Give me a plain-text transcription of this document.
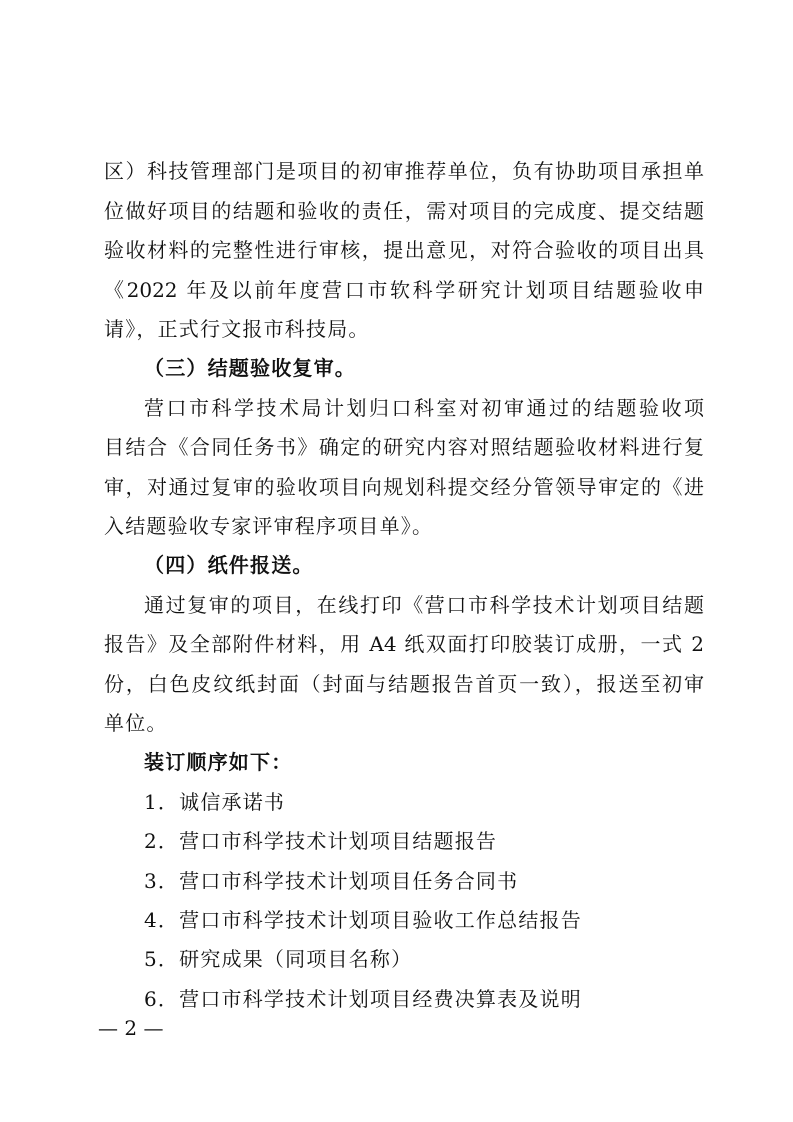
区）科技管理部门是项目的初审推荐单位，负有协助项目承担单
位做好项目的结题和验收的责任，需对项目的完成度、提交结题
验收材料的完整性进行审核，提出意见，对符合验收的项目出具
《2022 年及以前年度营口市软科学研究计划项目结题验收申
请》，正式行文报市科技局。
（三）结题验收复审。
营口市科学技术局计划归口科室对初审通过的结题验收项
目结合《合同任务书》确定的研究内容对照结题验收材料进行复
审，对通过复审的验收项目向规划科提交经分管领导审定的《进
入结题验收专家评审程序项目单》。
（四）纸件报送。
通过复审的项目，在线打印《营口市科学技术计划项目结题
报告》及全部附件材料，用 A4 纸双面打印胶装订成册，一式 2
份，白色皮纹纸封面（封面与结题报告首页一致），报送至初审
单位。
装订顺序如下：
1．诚信承诺书
2．营口市科学技术计划项目结题报告
3．营口市科学技术计划项目任务合同书
4．营口市科学技术计划项目验收工作总结报告
5．研究成果（同项目名称）
6．营口市科学技术计划项目经费决算表及说明
— 2 —
